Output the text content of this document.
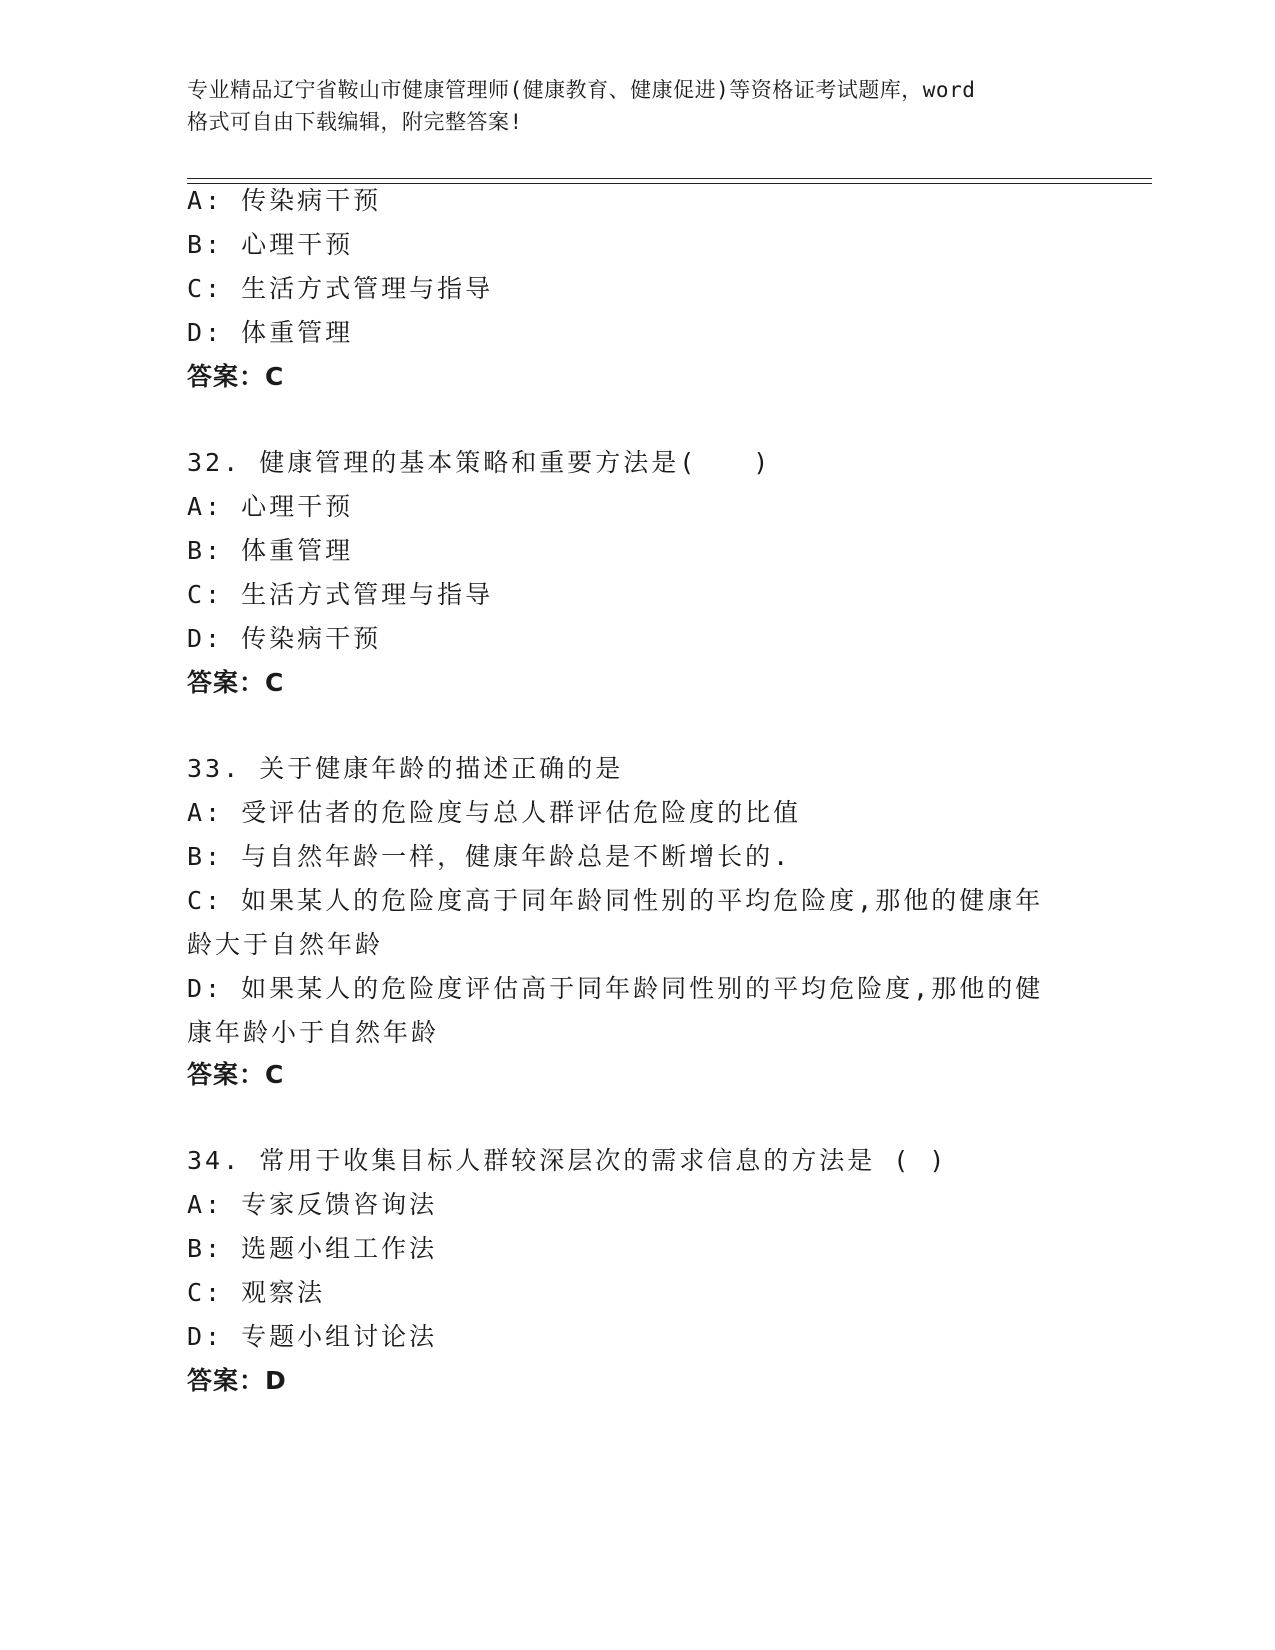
专业精品辽宁省鞍山市健康管理师(健康教育、健康促进)等资格证考试题库，word
格式可自由下载编辑，附完整答案!
A: 传染病干预
B: 心理干预
C: 生活方式管理与指导
D: 体重管理
答案：C
32. 健康管理的基本策略和重要方法是(　　)
A: 心理干预
B: 体重管理
C: 生活方式管理与指导
D: 传染病干预
答案：C
33. 关于健康年龄的描述正确的是
A: 受评估者的危险度与总人群评估危险度的比值
B: 与自然年龄一样，健康年龄总是不断增长的.
C: 如果某人的危险度高于同年龄同性别的平均危险度,那他的健康年
龄大于自然年龄
D: 如果某人的危险度评估高于同年龄同性别的平均危险度,那他的健
康年龄小于自然年龄
答案：C
34. 常用于收集目标人群较深层次的需求信息的方法是 ( )
A: 专家反馈咨询法
B: 选题小组工作法
C: 观察法
D: 专题小组讨论法
答案：D
